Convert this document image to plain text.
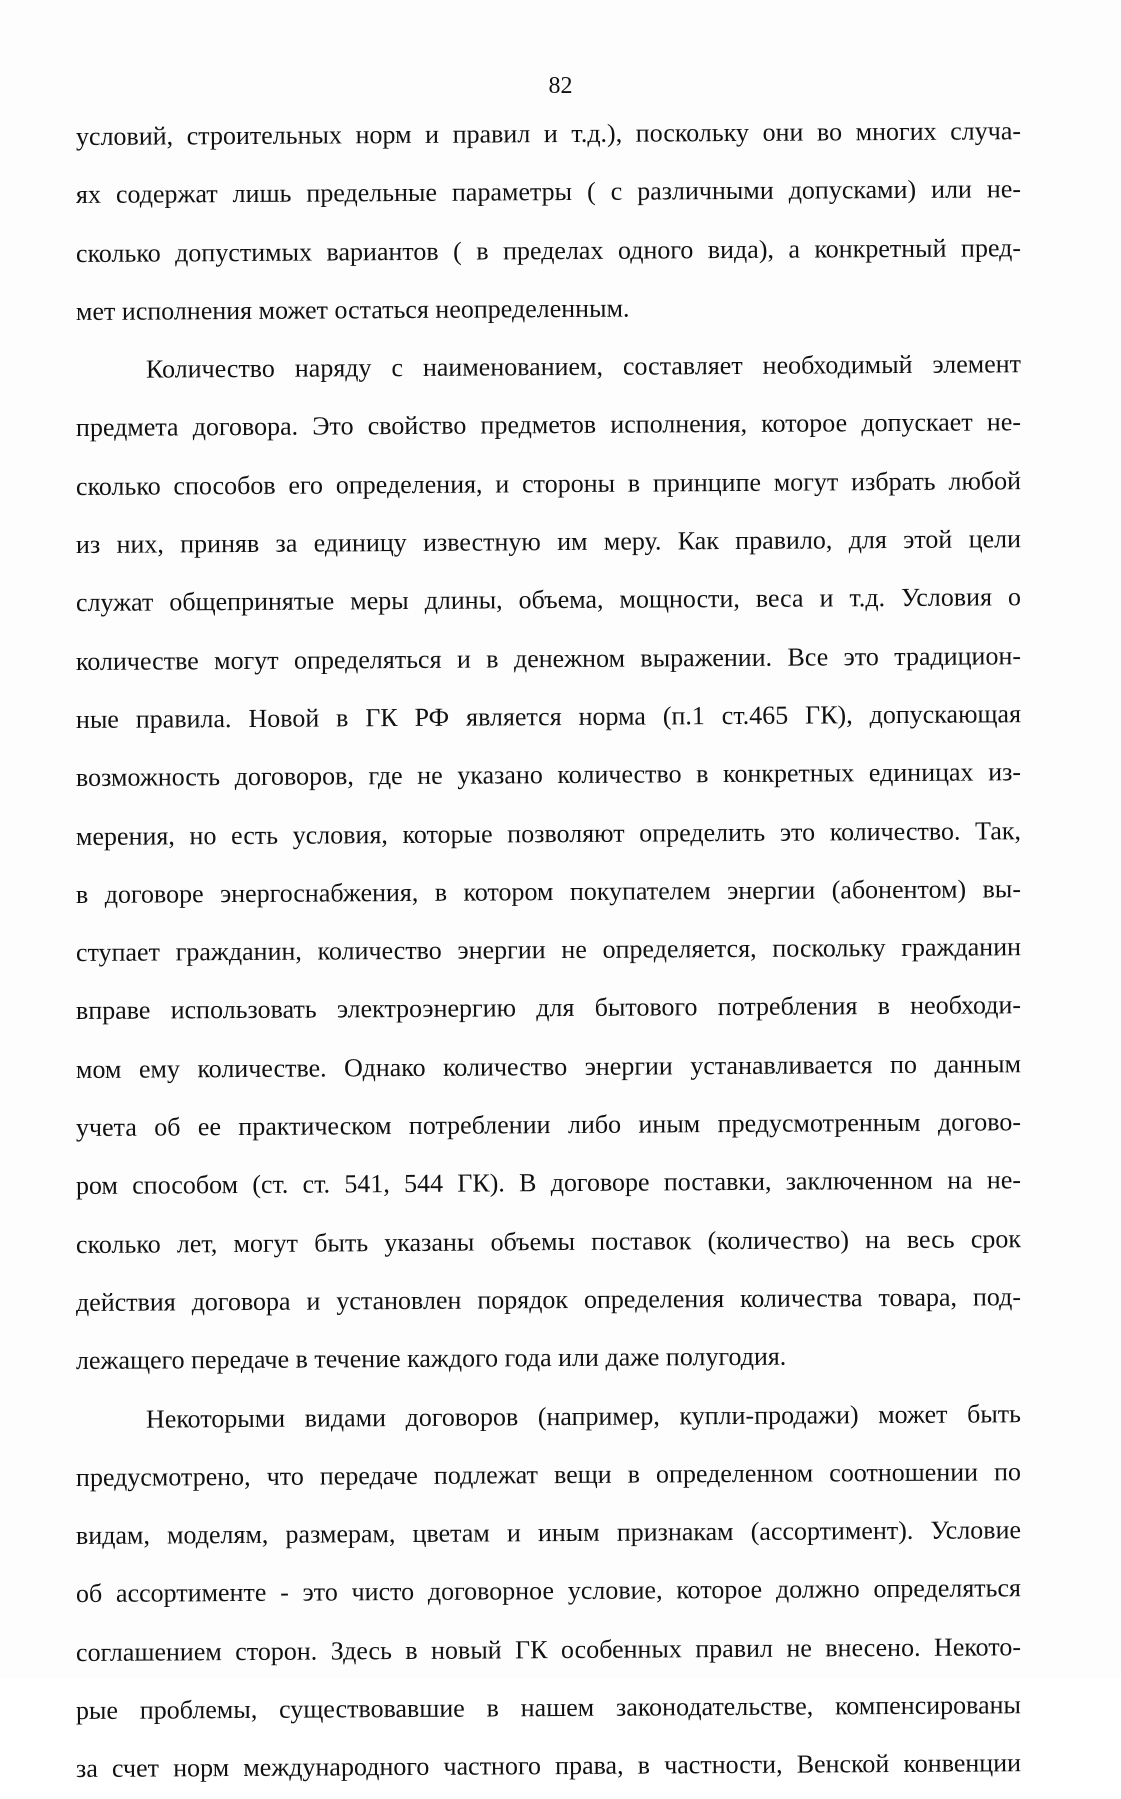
82
условий, строительных норм и правил и т.д.), поскольку они во многих случа-
ях содержат лишь предельные параметры ( с различными допусками) или не-
сколько допустимых вариантов ( в пределах одного вида), а конкретный пред-
мет исполнения может остаться неопределенным.
Количество наряду с наименованием, составляет необходимый элемент
предмета договора. Это свойство предметов исполнения, которое допускает не-
сколько способов его определения, и стороны в принципе могут избрать любой
из них, приняв за единицу известную им меру. Как правило, для этой цели
служат общепринятые меры длины, объема, мощности, веса и т.д. Условия о
количестве могут определяться и в денежном выражении. Все это традицион-
ные правила. Новой в ГК РФ является норма (п.1 ст.465 ГК), допускающая
возможность договоров, где не указано количество в конкретных единицах из-
мерения, но есть условия, которые позволяют определить это количество. Так,
в договоре энергоснабжения, в котором покупателем энергии (абонентом) вы-
ступает гражданин, количество энергии не определяется, поскольку гражданин
вправе использовать электроэнергию для бытового потребления в необходи-
мом ему количестве. Однако количество энергии устанавливается по данным
учета об ее практическом потреблении либо иным предусмотренным догово-
ром способом (ст. ст. 541, 544 ГК). В договоре поставки, заключенном на не-
сколько лет, могут быть указаны объемы поставок (количество) на весь срок
действия договора и установлен порядок определения количества товара, под-
лежащего передаче в течение каждого года или даже полугодия.
Некоторыми видами договоров (например, купли-продажи) может быть
предусмотрено, что передаче подлежат вещи в определенном соотношении по
видам, моделям, размерам, цветам и иным признакам (ассортимент). Условие
об ассортименте - это чисто договорное условие, которое должно определяться
соглашением сторон. Здесь в новый ГК особенных правил не внесено. Некото-
рые проблемы, существовавшие в нашем законодательстве, компенсированы
за счет норм международного частного права, в частности, Венской конвенции
